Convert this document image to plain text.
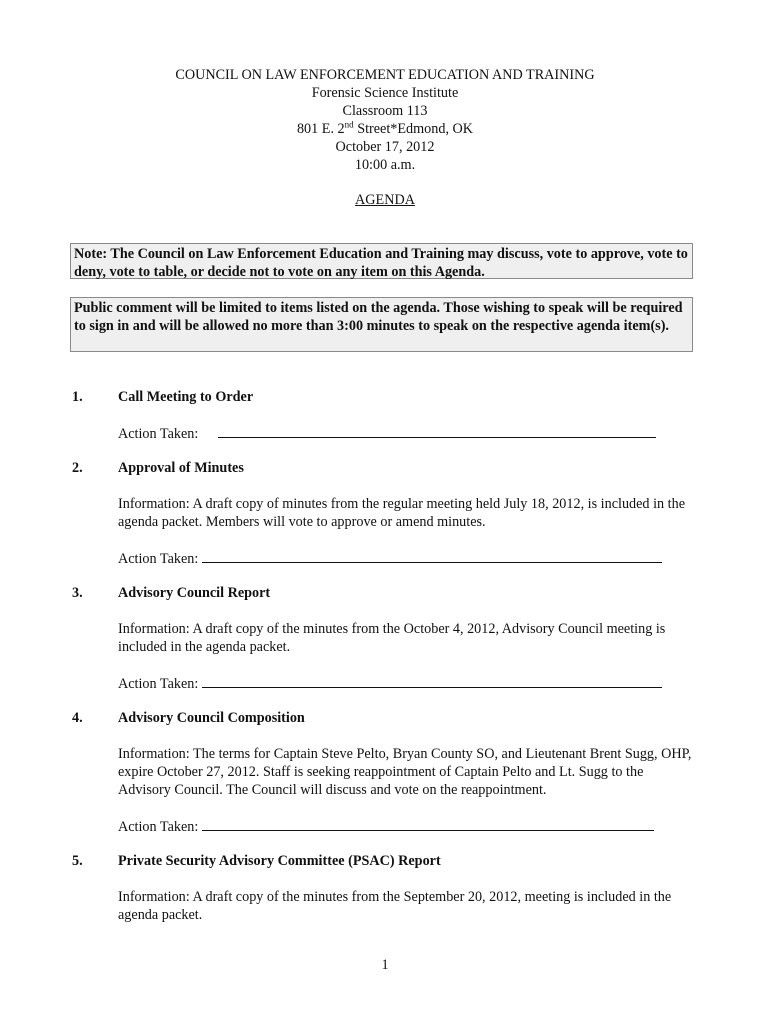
COUNCIL ON LAW ENFORCEMENT EDUCATION AND TRAINING
Forensic Science Institute
Classroom 113
801 E. 2nd Street*Edmond, OK
October 17, 2012
10:00 a.m.
AGENDA
Note: The Council on Law Enforcement Education and Training may discuss, vote to approve, vote to deny, vote to table, or decide not to vote on any item on this Agenda.
Public comment will be limited to items listed on the agenda. Those wishing to speak will be required to sign in and will be allowed no more than 3:00 minutes to speak on the respective agenda item(s).
1. Call Meeting to Order
Action Taken:
2. Approval of Minutes
Information: A draft copy of minutes from the regular meeting held July 18, 2012, is included in the agenda packet. Members will vote to approve or amend minutes.
Action Taken:
3. Advisory Council Report
Information: A draft copy of the minutes from the October 4, 2012, Advisory Council meeting is included in the agenda packet.
Action Taken:
4. Advisory Council Composition
Information: The terms for Captain Steve Pelto, Bryan County SO, and Lieutenant Brent Sugg, OHP, expire October 27, 2012. Staff is seeking reappointment of Captain Pelto and Lt. Sugg to the Advisory Council. The Council will discuss and vote on the reappointment.
Action Taken:
5. Private Security Advisory Committee (PSAC) Report
Information: A draft copy of the minutes from the September 20, 2012, meeting is included in the agenda packet.
1
